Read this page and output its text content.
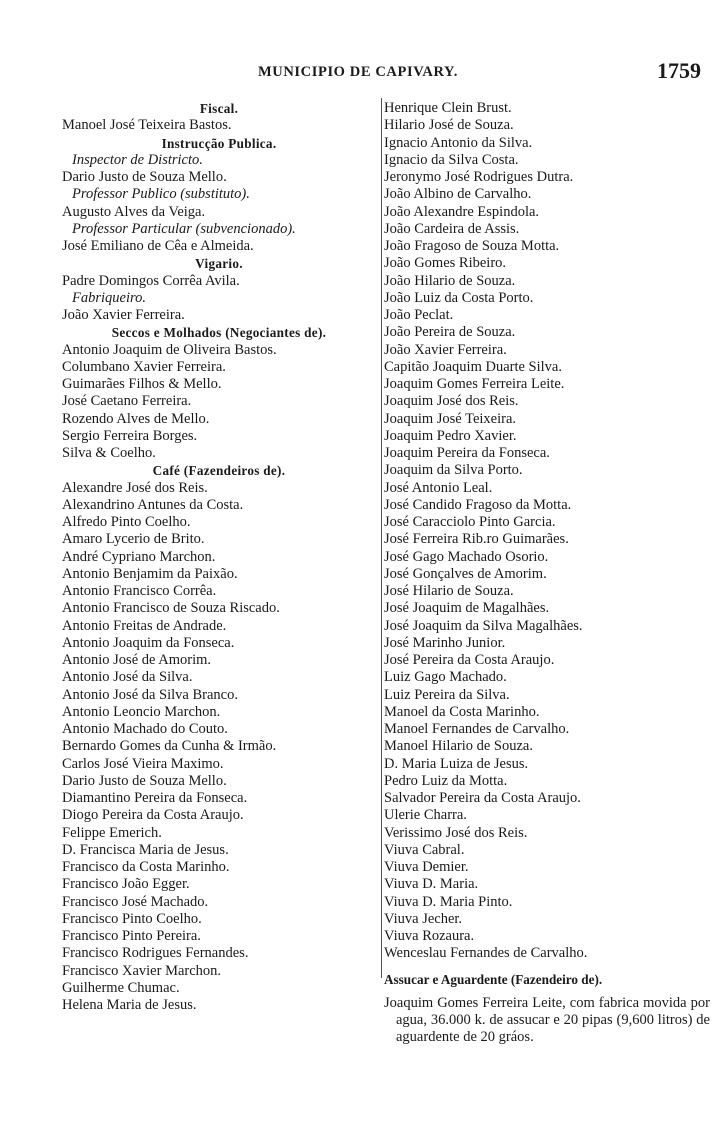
MUNICIPIO DE CAPIVARY.	1759
Fiscal.
Manoel José Teixeira Bastos.
Instrucção Publica.
Inspector de Districto.
Dario Justo de Souza Mello.
Professor Publico (substituto).
Augusto Alves da Veiga.
Professor Particular (subvencionado).
José Emiliano de Cêa e Almeida.
Vigario.
Padre Domingos Corrêa Avila.
Fabriqueiro.
João Xavier Ferreira.
Seccos e Molhados (Negociantes de).
Antonio Joaquim de Oliveira Bastos.
Columbano Xavier Ferreira.
Guimarães Filhos & Mello.
José Caetano Ferreira.
Rozendo Alves de Mello.
Sergio Ferreira Borges.
Silva & Coelho.
Café (Fazendeiros de).
Alexandre José dos Reis.
Alexandrino Antunes da Costa.
Alfredo Pinto Coelho.
Amaro Lycerio de Brito.
André Cypriano Marchon.
Antonio Benjamim da Paixão.
Antonio Francisco Corrêa.
Antonio Francisco de Souza Riscado.
Antonio Freitas de Andrade.
Antonio Joaquim da Fonseca.
Antonio José de Amorim.
Antonio José da Silva.
Antonio José da Silva Branco.
Antonio Leoncio Marchon.
Antonio Machado do Couto.
Bernardo Gomes da Cunha & Irmão.
Carlos José Vieira Maximo.
Dario Justo de Souza Mello.
Diamantino Pereira da Fonseca.
Diogo Pereira da Costa Araujo.
Felippe Emerich.
D. Francisca Maria de Jesus.
Francisco da Costa Marinho.
Francisco João Egger.
Francisco José Machado.
Francisco Pinto Coelho.
Francisco Pinto Pereira.
Francisco Rodrigues Fernandes.
Francisco Xavier Marchon.
Guilherme Chumac.
Helena Maria de Jesus.
Henrique Clein Brust.
Hilario José de Souza.
Ignacio Antonio da Silva.
Ignacio da Silva Costa.
Jeronymo José Rodrigues Dutra.
João Albino de Carvalho.
João Alexandre Espindola.
João Cardeira de Assis.
João Fragoso de Souza Motta.
João Gomes Ribeiro.
João Hilario de Souza.
João Luiz da Costa Porto.
João Peclat.
João Pereira de Souza.
João Xavier Ferreira.
Capitão Joaquim Duarte Silva.
Joaquim Gomes Ferreira Leite.
Joaquim José dos Reis.
Joaquim José Teixeira.
Joaquim Pedro Xavier.
Joaquim Pereira da Fonseca.
Joaquim da Silva Porto.
José Antonio Leal.
José Candido Fragoso da Motta.
José Caracciolo Pinto Garcia.
José Ferreira Rib.ro Guimarães.
José Gago Machado Osorio.
José Gonçalves de Amorim.
José Hilario de Souza.
José Joaquim de Magalhães.
José Joaquim da Silva Magalhães.
José Marinho Junior.
José Pereira da Costa Araujo.
Luiz Gago Machado.
Luiz Pereira da Silva.
Manoel da Costa Marinho.
Manoel Fernandes de Carvalho.
Manoel Hilario de Souza.
D. Maria Luiza de Jesus.
Pedro Luiz da Motta.
Salvador Pereira da Costa Araujo.
Ulerie Charra.
Verissimo José dos Reis.
Viuva Cabral.
Viuva Demier.
Viuva D. Maria.
Viuva D. Maria Pinto.
Viuva Jecher.
Viuva Rozaura.
Wenceslau Fernandes de Carvalho.
Assucar e Aguardente (Fazendeiro de).
Joaquim Gomes Ferreira Leite, com fabrica movida por agua, 36.000 k. de assucar e 20 pipas (9,600 litros) de aguardente de 20 gráos.
